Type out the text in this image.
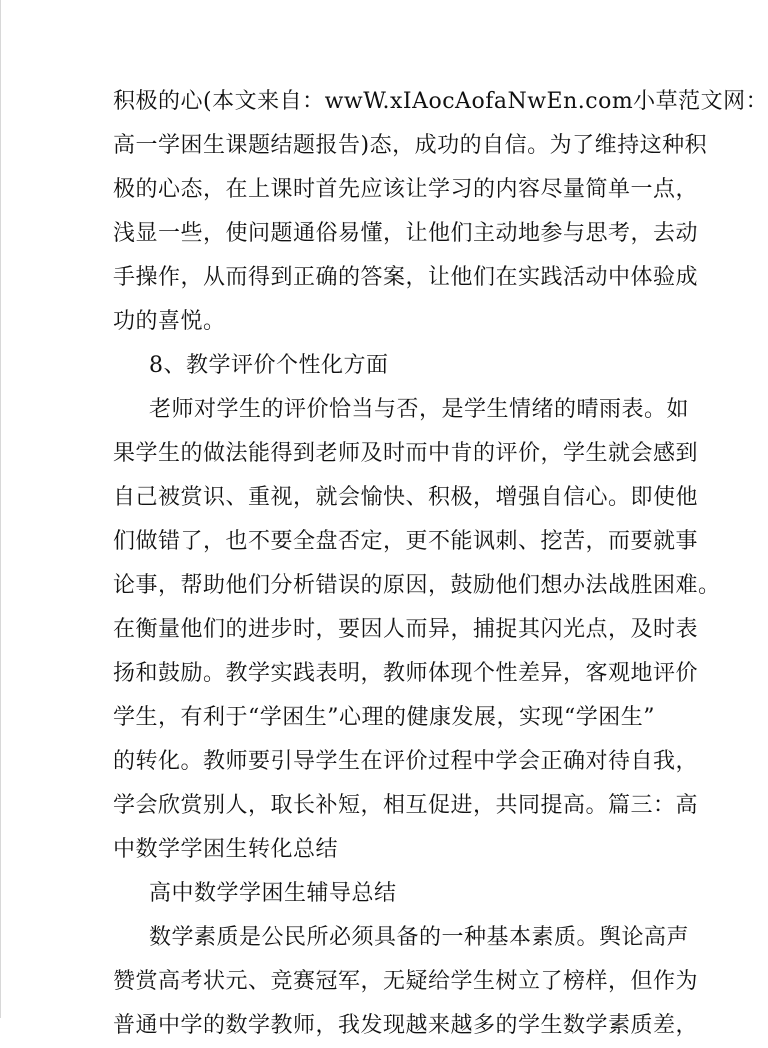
积极的心(本文来自：wwW.xIAocAofaNwEn.com小草范文网：
高一学困生课题结题报告)态，成功的自信。为了维持这种积
极的心态，在上课时首先应该让学习的内容尽量简单一点，
浅显一些，使问题通俗易懂，让他们主动地参与思考，去动
手操作，从而得到正确的答案，让他们在实践活动中体验成
功的喜悦。
8、教学评价个性化方面
老师对学生的评价恰当与否，是学生情绪的晴雨表。如
果学生的做法能得到老师及时而中肯的评价，学生就会感到
自己被赏识、重视，就会愉快、积极，增强自信心。即使他
们做错了，也不要全盘否定，更不能讽刺、挖苦，而要就事
论事，帮助他们分析错误的原因，鼓励他们想办法战胜困难。
在衡量他们的进步时，要因人而异，捕捉其闪光点，及时表
扬和鼓励。教学实践表明，教师体现个性差异，客观地评价
学生，有利于“学困生”心理的健康发展，实现“学困生”
的转化。教师要引导学生在评价过程中学会正确对待自我，
学会欣赏别人，取长补短，相互促进，共同提高。篇三：高
中数学学困生转化总结
高中数学学困生辅导总结
数学素质是公民所必须具备的一种基本素质。舆论高声
赞赏高考状元、竞赛冠军，无疑给学生树立了榜样，但作为
普通中学的数学教师，我发现越来越多的学生数学素质差，
